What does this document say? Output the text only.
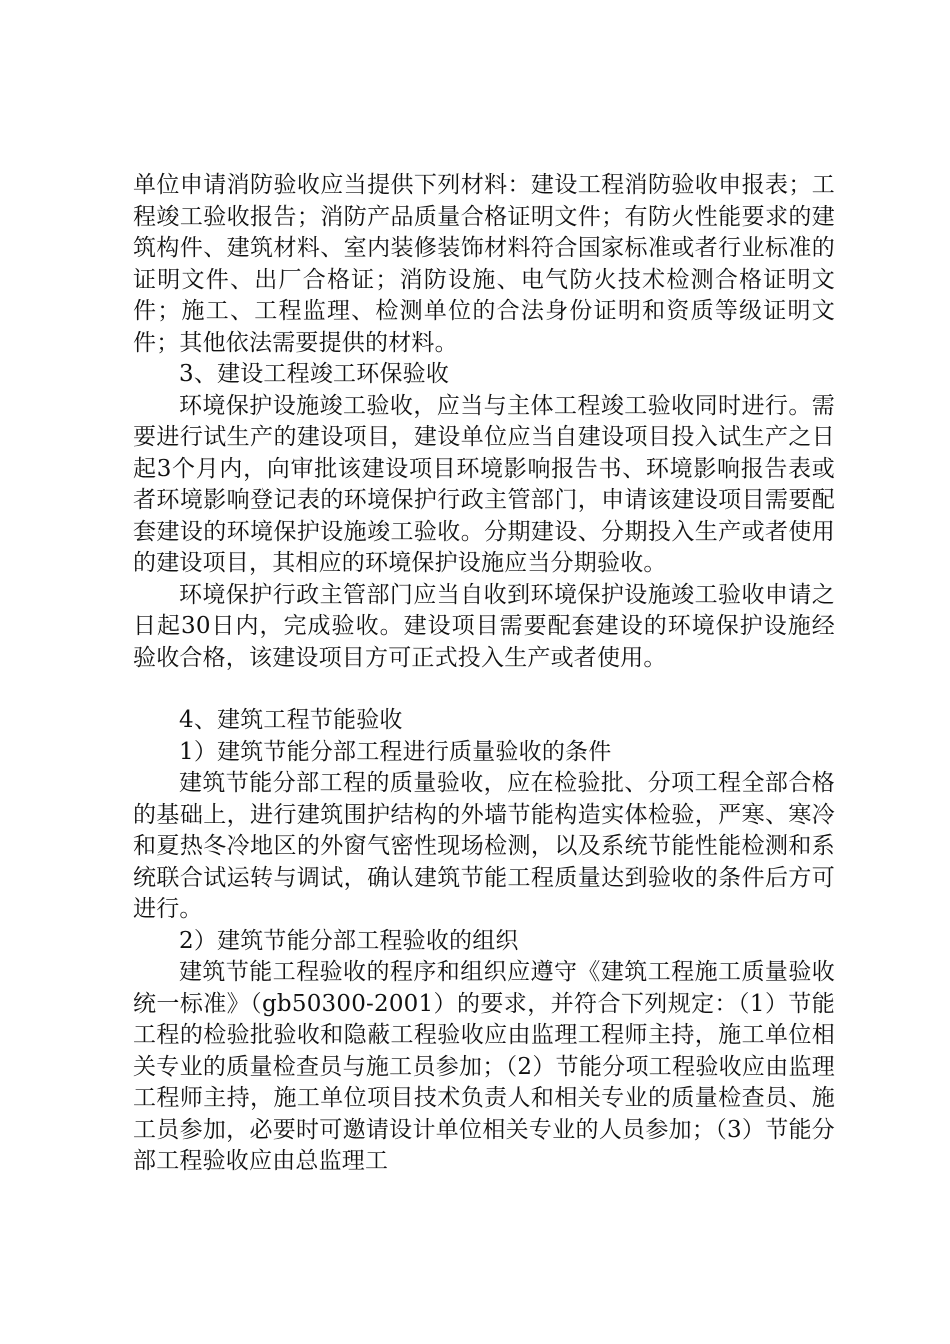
单位申请消防验收应当提供下列材料：建设工程消防验收申报表；工程竣工验收报告；消防产品质量合格证明文件；有防火性能要求的建筑构件、建筑材料、室内装修装饰材料符合国家标准或者行业标准的证明文件、出厂合格证；消防设施、电气防火技术检测合格证明文件；施工、工程监理、检测单位的合法身份证明和资质等级证明文件；其他依法需要提供的材料。

3、建设工程竣工环保验收

环境保护设施竣工验收，应当与主体工程竣工验收同时进行。需要进行试生产的建设项目，建设单位应当自建设项目投入试生产之日起3个月内，向审批该建设项目环境影响报告书、环境影响报告表或者环境影响登记表的环境保护行政主管部门，申请该建设项目需要配套建设的环境保护设施竣工验收。分期建设、分期投入生产或者使用的建设项目，其相应的环境保护设施应当分期验收。

环境保护行政主管部门应当自收到环境保护设施竣工验收申请之日起30日内，完成验收。建设项目需要配套建设的环境保护设施经验收合格，该建设项目方可正式投入生产或者使用。

4、建筑工程节能验收

1）建筑节能分部工程进行质量验收的条件

建筑节能分部工程的质量验收，应在检验批、分项工程全部合格的基础上，进行建筑围护结构的外墙节能构造实体检验，严寒、寒冷和夏热冬冷地区的外窗气密性现场检测，以及系统节能性能检测和系统联合试运转与调试，确认建筑节能工程质量达到验收的条件后方可进行。

2）建筑节能分部工程验收的组织

建筑节能工程验收的程序和组织应遵守《建筑工程施工质量验收统一标准》（gb50300-2001）的要求，并符合下列规定：（1）节能工程的检验批验收和隐蔽工程验收应由监理工程师主持，施工单位相关专业的质量检查员与施工员参加；（2）节能分项工程验收应由监理工程师主持，施工单位项目技术负责人和相关专业的质量检查员、施工员参加，必要时可邀请设计单位相关专业的人员参加；（3）节能分部工程验收应由总监理工
